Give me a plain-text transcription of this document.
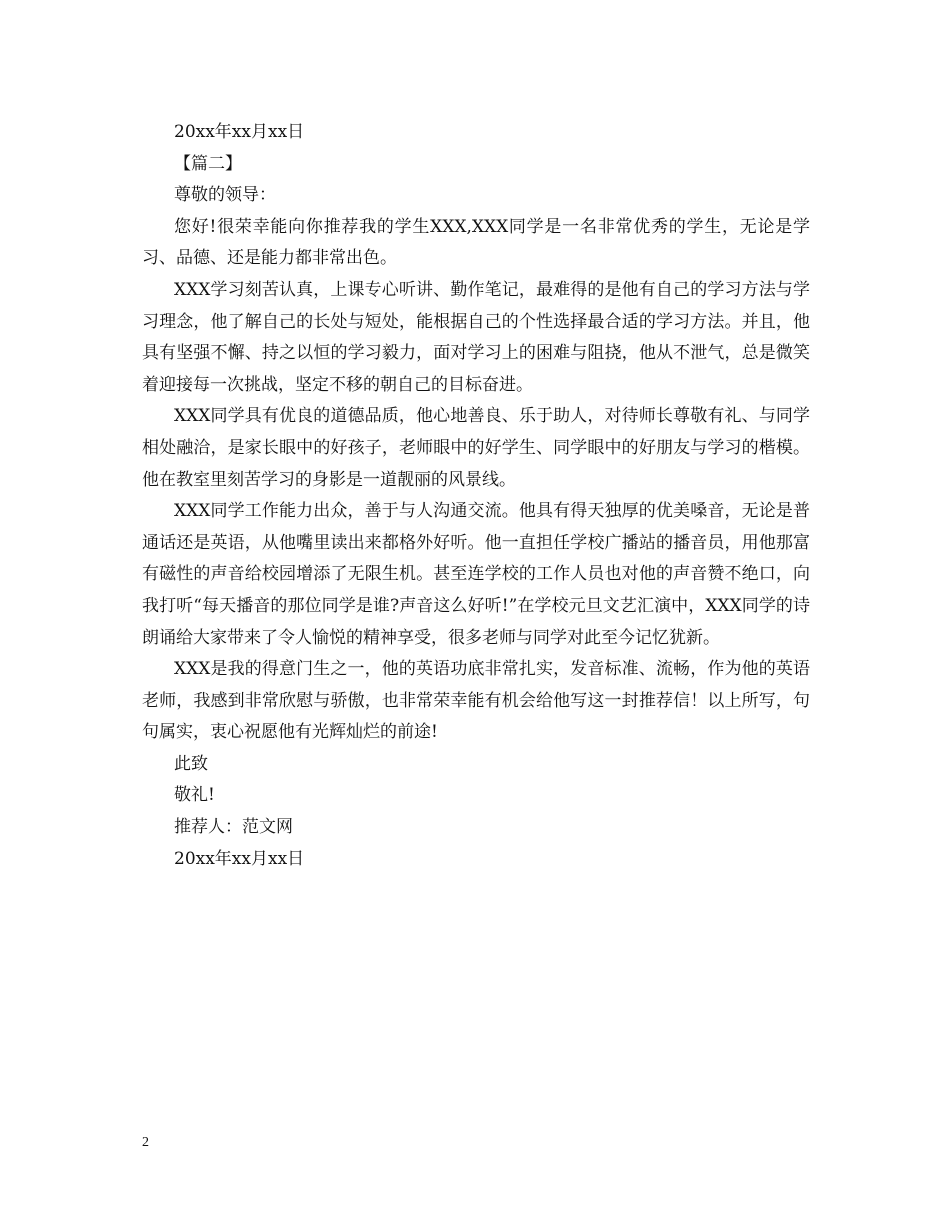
20xx年xx月xx日

【篇二】

尊敬的领导：

您好!很荣幸能向你推荐我的学生XXX,XXX同学是一名非常优秀的学生，无论是学习、品德、还是能力都非常出色。

XXX学习刻苦认真，上课专心听讲、勤作笔记，最难得的是他有自己的学习方法与学习理念，他了解自己的长处与短处，能根据自己的个性选择最合适的学习方法。并且，他具有坚强不懈、持之以恒的学习毅力，面对学习上的困难与阻挠，他从不泄气，总是微笑着迎接每一次挑战，坚定不移的朝自己的目标奋进。

XXX同学具有优良的道德品质，他心地善良、乐于助人，对待师长尊敬有礼、与同学相处融洽，是家长眼中的好孩子，老师眼中的好学生、同学眼中的好朋友与学习的楷模。他在教室里刻苦学习的身影是一道靓丽的风景线。

XXX同学工作能力出众，善于与人沟通交流。他具有得天独厚的优美嗓音，无论是普通话还是英语，从他嘴里读出来都格外好听。他一直担任学校广播站的播音员，用他那富有磁性的声音给校园增添了无限生机。甚至连学校的工作人员也对他的声音赞不绝口，向我打听“每天播音的那位同学是谁?声音这么好听!”在学校元旦文艺汇演中，XXX同学的诗朗诵给大家带来了令人愉悦的精神享受，很多老师与同学对此至今记忆犹新。

XXX是我的得意门生之一，他的英语功底非常扎实，发音标准、流畅，作为他的英语老师，我感到非常欣慰与骄傲，也非常荣幸能有机会给他写这一封推荐信！以上所写，句句属实，衷心祝愿他有光辉灿烂的前途!

此致

敬礼!

推荐人：范文网

20xx年xx月xx日

2
